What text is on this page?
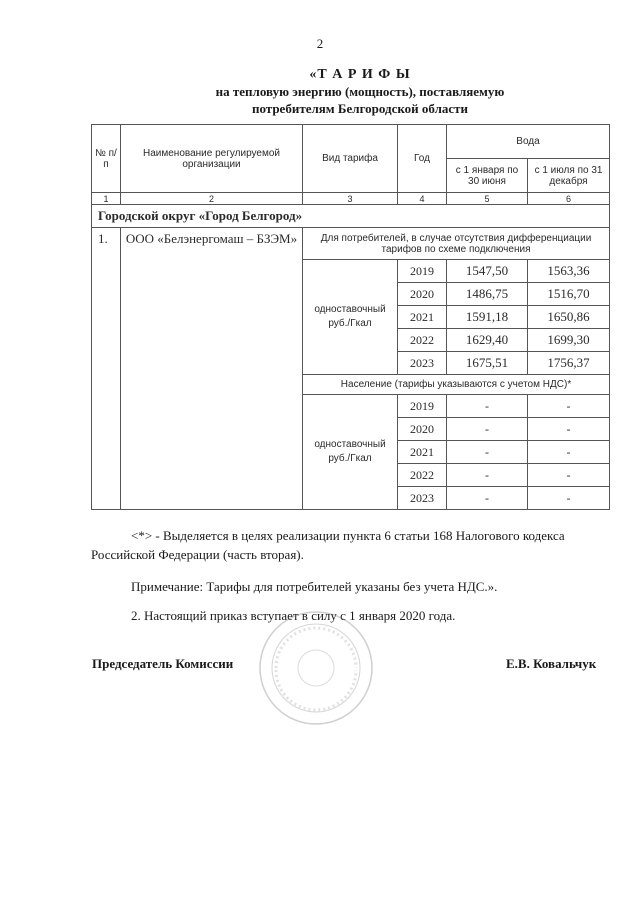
2
«Т А Р И Ф Ы
на тепловую энергию (мощность), поставляемую
потребителям Белгородской области
№ п/п	Наименование регулируемой организации	Вид тарифа	Год	Вода	
				с 1 января по 30 июня	с 1 июля по 31 декабря
1	2	3	4	5	6
Городской округ «Город Белгород»					
1.	ООО «Белэнергомаш – БЗЭМ»	Для потребителей, в случае отсутствия дифференциации тарифов по схеме подключения			
		одноставочный руб./Гкал	2019	1547,50	1563,36
			2020	1486,75	1516,70
			2021	1591,18	1650,86
			2022	1629,40	1699,30
			2023	1675,51	1756,37
		Население (тарифы указываются с учетом НДС)*			
		одноставочный руб./Гкал	2019	-	-
			2020	-	-
			2021	-	-
			2022	-	-
			2023	-	-
<*> - Выделяется в целях реализации пункта 6 статьи 168 Налогового кодекса
Российской Федерации (часть вторая).
Примечание: Тарифы для потребителей указаны без учета НДС.».
2. Настоящий приказ вступает в силу с 1 января 2020 года.
Председатель Комиссии	Е.В. Ковальчук
